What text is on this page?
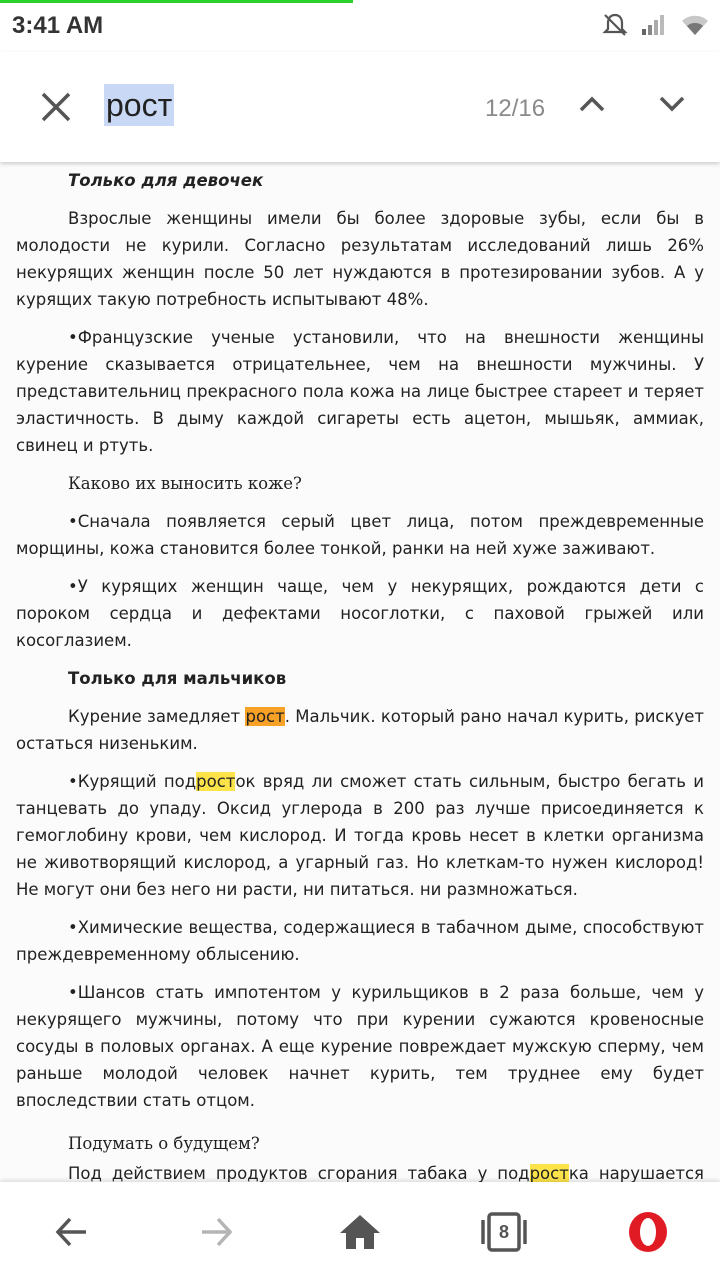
3:41 AM
рост	12/16

Только для девочек

Взрослые женщины имели бы более здоровые зубы, если бы в молодости не курили. Согласно результатам исследований лишь 26% некурящих женщин после 50 лет нуждаются в протезировании зубов. А у курящих такую потребность испытывают 48%.

•Французские ученые установили, что на внешности женщины курение сказывается отрицательнее, чем на внешности мужчины. У представительниц прекрасного пола кожа на лице быстрее стареет и теряет эластичность. В дыму каждой сигареты есть ацетон, мышьяк, аммиак, свинец и ртуть.

Каково их выносить коже?

•Сначала появляется серый цвет лица, потом преждевременные морщины, кожа становится более тонкой, ранки на ней хуже заживают.

•У курящих женщин чаще, чем у некурящих, рождаются дети с пороком сердца и дефектами носоглотки, с паховой грыжей или косоглазием.

Только для мальчиков

Курение замедляет рост. Мальчик. который рано начал курить, рискует остаться низеньким.

•Курящий подросток вряд ли сможет стать сильным, быстро бегать и танцевать до упаду. Оксид углерода в 200 раз лучше присоединяется к гемоглобину крови, чем кислород. И тогда кровь несет в клетки организма не животворящий кислород, а угарный газ. Но клеткам-то нужен кислород! Не могут они без него ни расти, ни питаться. ни размножаться.

•Химические вещества, содержащиеся в табачном дыме, способствуют преждевременному облысению.

•Шансов стать импотентом у курильщиков в 2 раза больше, чем у некурящего мужчины, потому что при курении сужаются кровеносные сосуды в половых органах. А еще курение повреждает мужскую сперму, чем раньше молодой человек начнет курить, тем труднее ему будет впоследствии стать отцом.

Подумать о будущем?

Под действием продуктов сгорания табака у подростка нарушается

8
